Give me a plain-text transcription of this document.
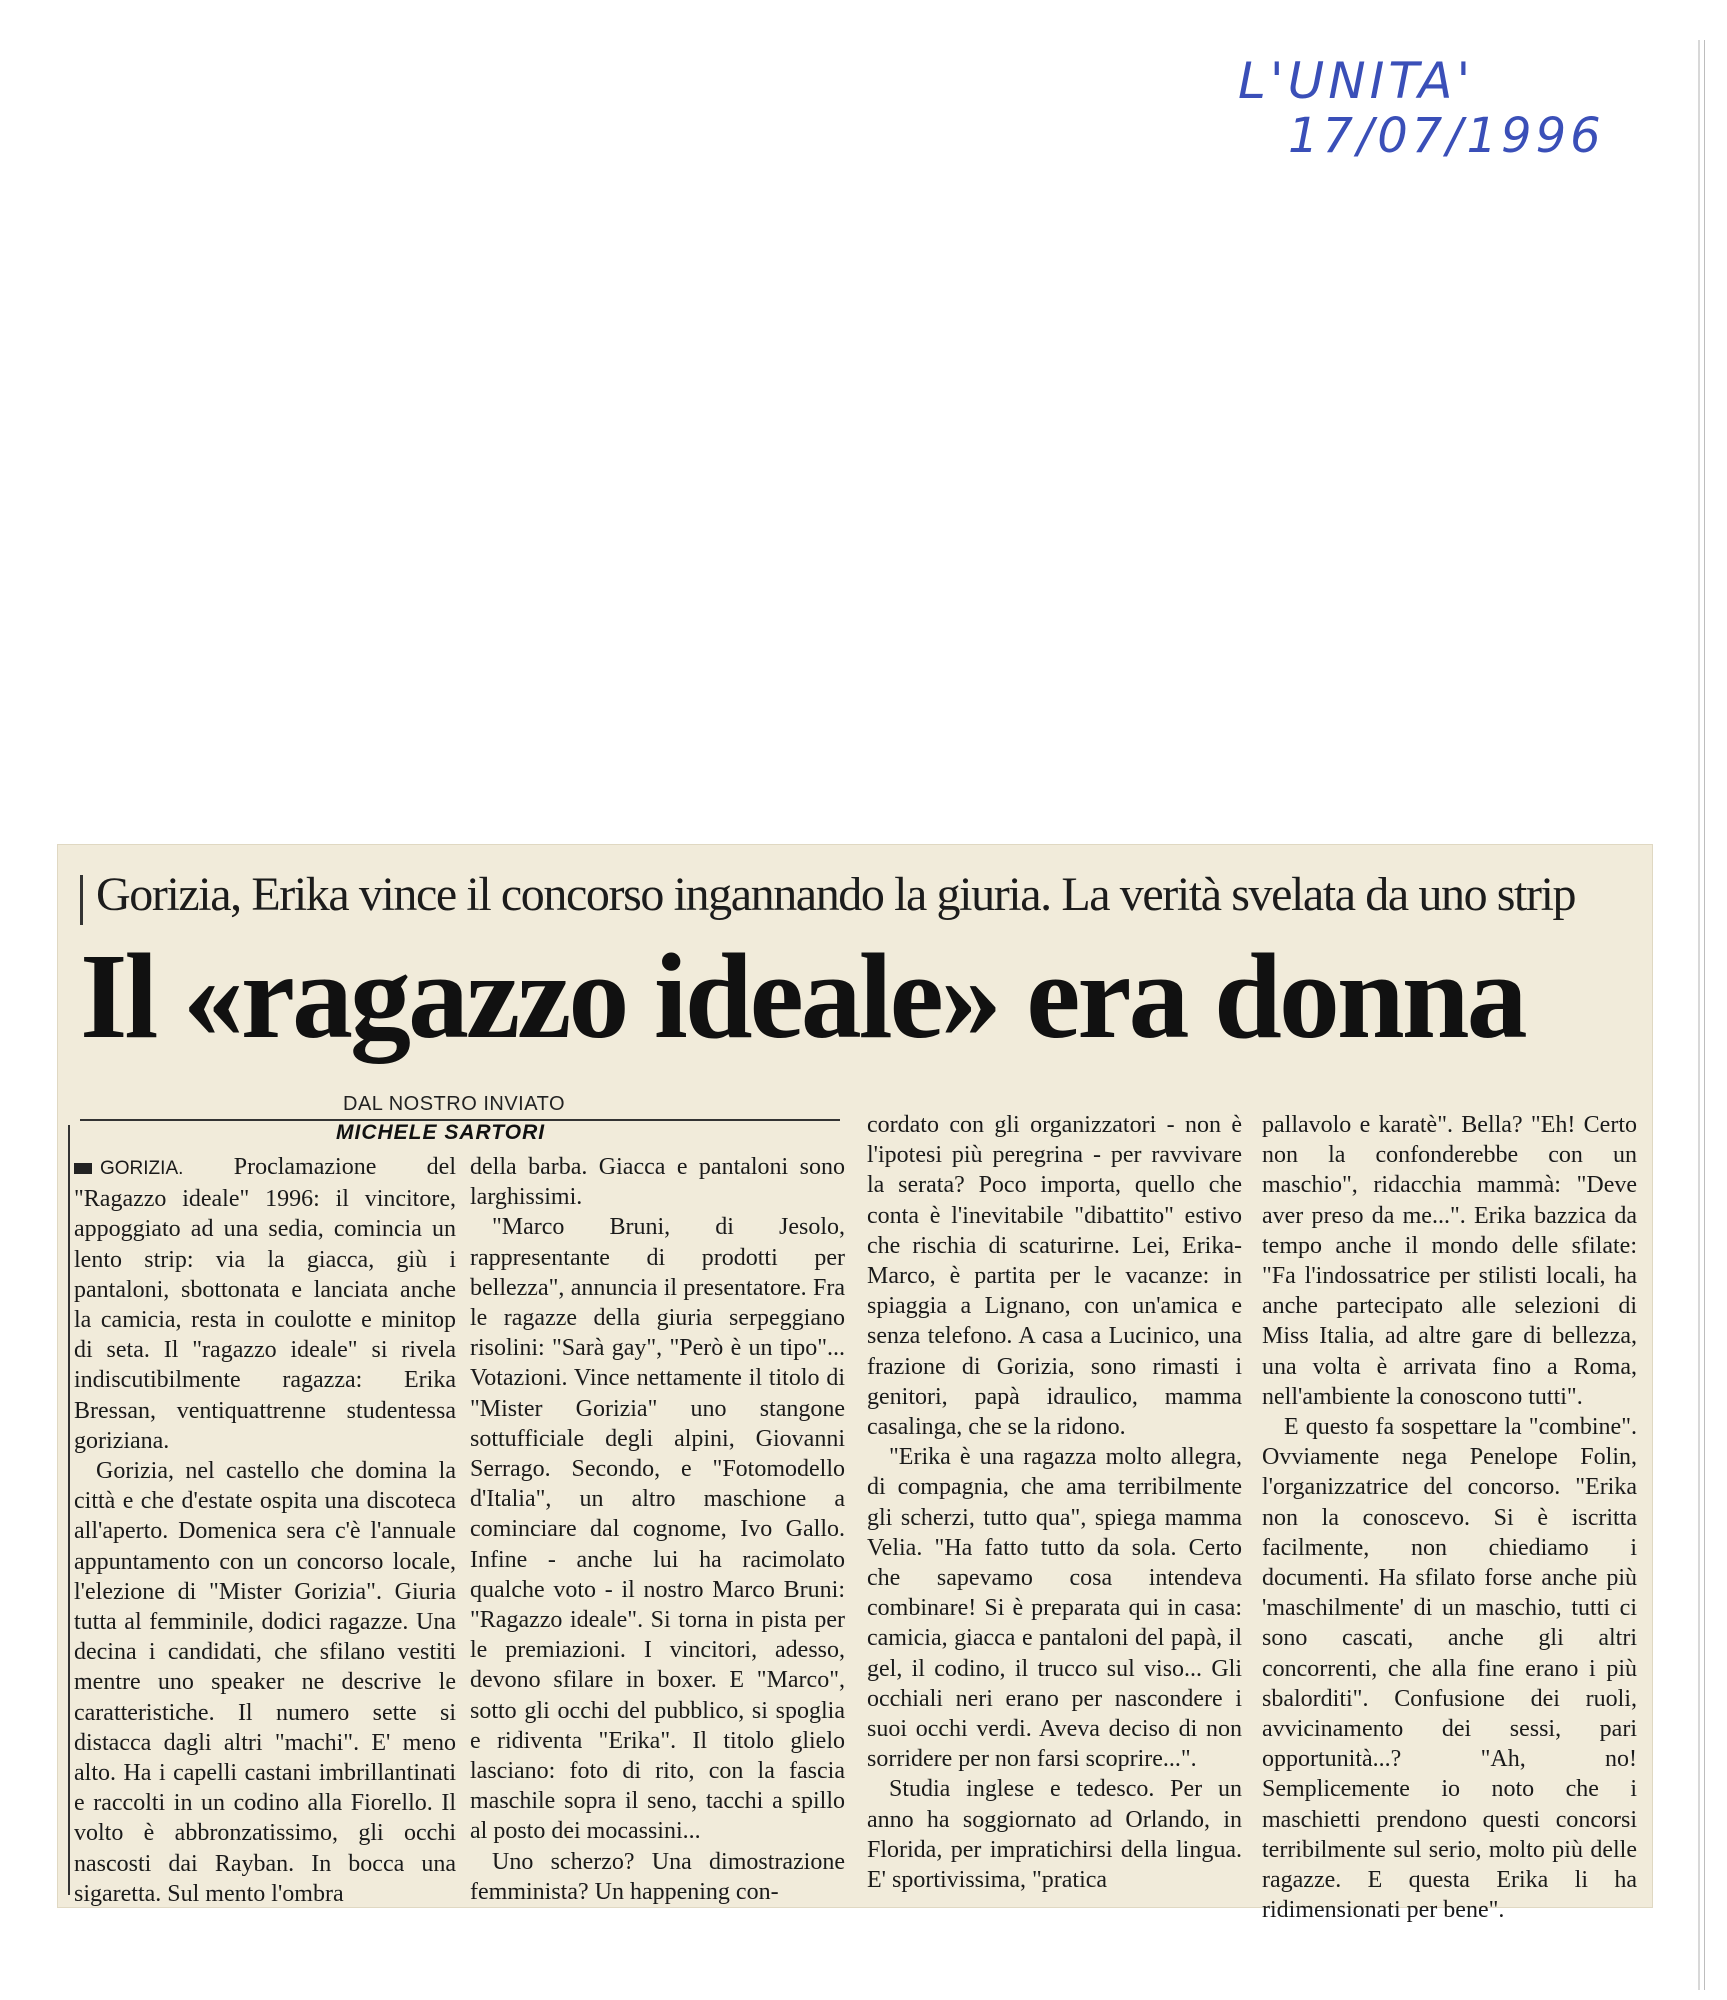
L'UNITA'
17/07/1996
Gorizia, Erika vince il concorso ingannando la giuria. La verità svelata da uno strip
Il «ragazzo ideale» era donna
DAL NOSTRO INVIATO
MICHELE SARTORI

GORIZIA. Proclamazione del "Ragazzo ideale" 1996: il vincitore, appoggiato ad una sedia, comincia un lento strip: via la giacca, giù i pantaloni, sbottonata e lanciata anche la camicia, resta in coulotte e minitop di seta. Il "ragazzo ideale" si rivela indiscutibilmente ragazza: Erika Bressan, ventiquattrenne studentessa goriziana.

Gorizia, nel castello che domina la città e che d'estate ospita una discoteca all'aperto. Domenica sera c'è l'annuale appuntamento con un concorso locale, l'elezione di "Mister Gorizia". Giuria tutta al femminile, dodici ragazze. Una decina i candidati, che sfilano vestiti mentre uno speaker ne descrive le caratteristiche. Il numero sette si distacca dagli altri "machi". E' meno alto. Ha i capelli castani imbrillantinati e raccolti in un codino alla Fiorello. Il volto è abbronzatissimo, gli occhi nascosti dai Rayban. In bocca una sigaretta. Sul mento l'ombra

della barba. Giacca e pantaloni sono larghissimi.

"Marco Bruni, di Jesolo, rappresentante di prodotti per bellezza", annuncia il presentatore. Fra le ragazze della giuria serpeggiano risolini: "Sarà gay", "Però è un tipo"... Votazioni. Vince nettamente il titolo di "Mister Gorizia" uno stangone sottufficiale degli alpini, Giovanni Serrago. Secondo, e "Fotomodello d'Italia", un altro maschione a cominciare dal cognome, Ivo Gallo. Infine - anche lui ha racimolato qualche voto - il nostro Marco Bruni: "Ragazzo ideale". Si torna in pista per le premiazioni. I vincitori, adesso, devono sfilare in boxer. E "Marco", sotto gli occhi del pubblico, si spoglia e ridiventa "Erika". Il titolo glielo lasciano: foto di rito, con la fascia maschile sopra il seno, tacchi a spillo al posto dei mocassini...

Uno scherzo? Una dimostrazione femminista? Un happening con-

cordato con gli organizzatori - non è l'ipotesi più peregrina - per ravvivare la serata? Poco importa, quello che conta è l'inevitabile "dibattito" estivo che rischia di scaturirne. Lei, Erika-Marco, è partita per le vacanze: in spiaggia a Lignano, con un'amica e senza telefono. A casa a Lucinico, una frazione di Gorizia, sono rimasti i genitori, papà idraulico, mamma casalinga, che se la ridono.

"Erika è una ragazza molto allegra, di compagnia, che ama terribilmente gli scherzi, tutto qua", spiega mamma Velia. "Ha fatto tutto da sola. Certo che sapevamo cosa intendeva combinare! Si è preparata qui in casa: camicia, giacca e pantaloni del papà, il gel, il codino, il trucco sul viso... Gli occhiali neri erano per nascondere i suoi occhi verdi. Aveva deciso di non sorridere per non farsi scoprire...".

Studia inglese e tedesco. Per un anno ha soggiornato ad Orlando, in Florida, per impratichirsi della lingua. E' sportivissima, "pratica

pallavolo e karatè". Bella? "Eh! Certo non la confonderebbe con un maschio", ridacchia mammà: "Deve aver preso da me...". Erika bazzica da tempo anche il mondo delle sfilate: "Fa l'indossatrice per stilisti locali, ha anche partecipato alle selezioni di Miss Italia, ad altre gare di bellezza, una volta è arrivata fino a Roma, nell'ambiente la conoscono tutti".

E questo fa sospettare la "combine". Ovviamente nega Penelope Folin, l'organizzatrice del concorso. "Erika non la conoscevo. Si è iscritta facilmente, non chiediamo i documenti. Ha sfilato forse anche più 'maschilmente' di un maschio, tutti ci sono cascati, anche gli altri concorrenti, che alla fine erano i più sbalorditi". Confusione dei ruoli, avvicinamento dei sessi, pari opportunità...? "Ah, no! Semplicemente io noto che i maschietti prendono questi concorsi terribilmente sul serio, molto più delle ragazze. E questa Erika li ha ridimensionati per bene".
